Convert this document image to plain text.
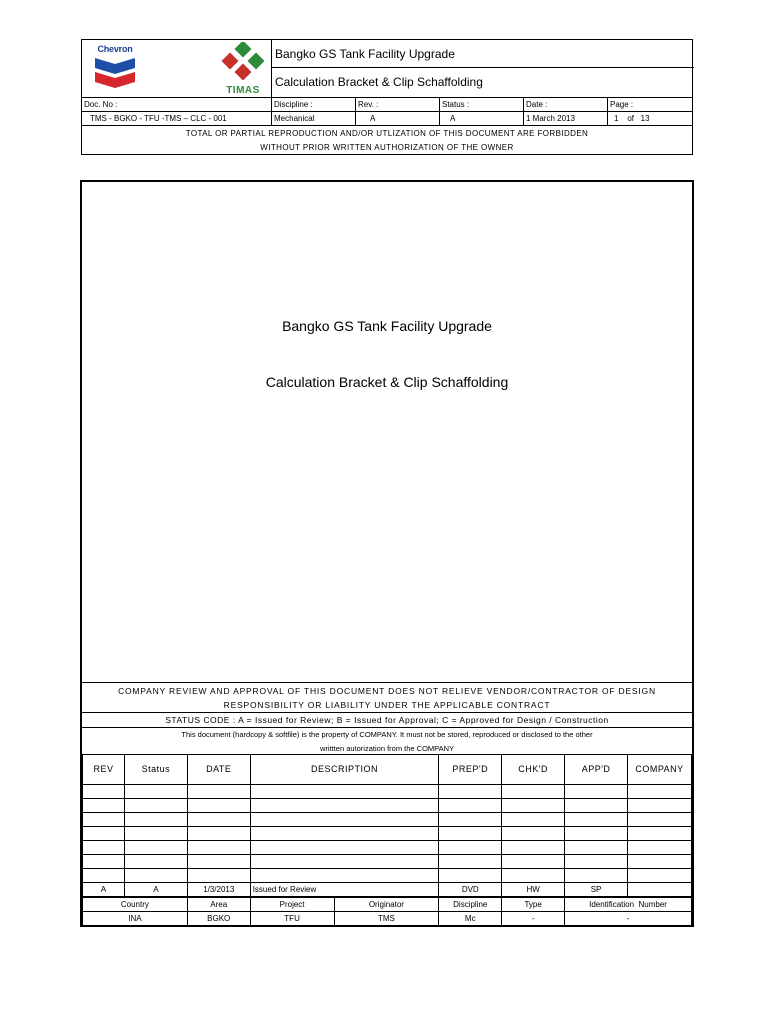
Chevron
TIMAS
Bangko GS Tank Facility Upgrade
Calculation Bracket & Clip Schaffolding
Doc. No :	Discipline :	Rev. :	Status :	Date :	Page :
TMS - BGKO - TFU -TMS – CLC - 001	Mechanical	A	A	1 March 2013	1    of   13
TOTAL OR PARTIAL REPRODUCTION AND/OR UTLIZATION OF THIS DOCUMENT ARE FORBIDDEN
WITHOUT PRIOR WRITTEN AUTHORIZATION OF THE OWNER
Bangko GS Tank Facility Upgrade
Calculation Bracket & Clip Schaffolding
COMPANY REVIEW AND APPROVAL OF THIS DOCUMENT DOES NOT RELIEVE VENDOR/CONTRACTOR OF DESIGN
RESPONSIBILITY OR LIABILITY UNDER THE APPLICABLE CONTRACT
STATUS CODE : A = Issued for Review; B = Issued for Approval; C = Approved for Design / Construction
This document (hardcopy & softfile) is the property of COMPANY. It must not be stored, reproduced or disclosed to the other
writtten autorization from the COMPANY
REV	Status	DATE	DESCRIPTION	PREP'D	CHK'D	APP'D	COMPANY

A	A	1/3/2013	Issued for Review	DVD	HW	SP	
Country	Area	Project	Originator	Discipline	Type	Identification  Number
INA	BGKO	TFU	TMS	Mc	-	-
